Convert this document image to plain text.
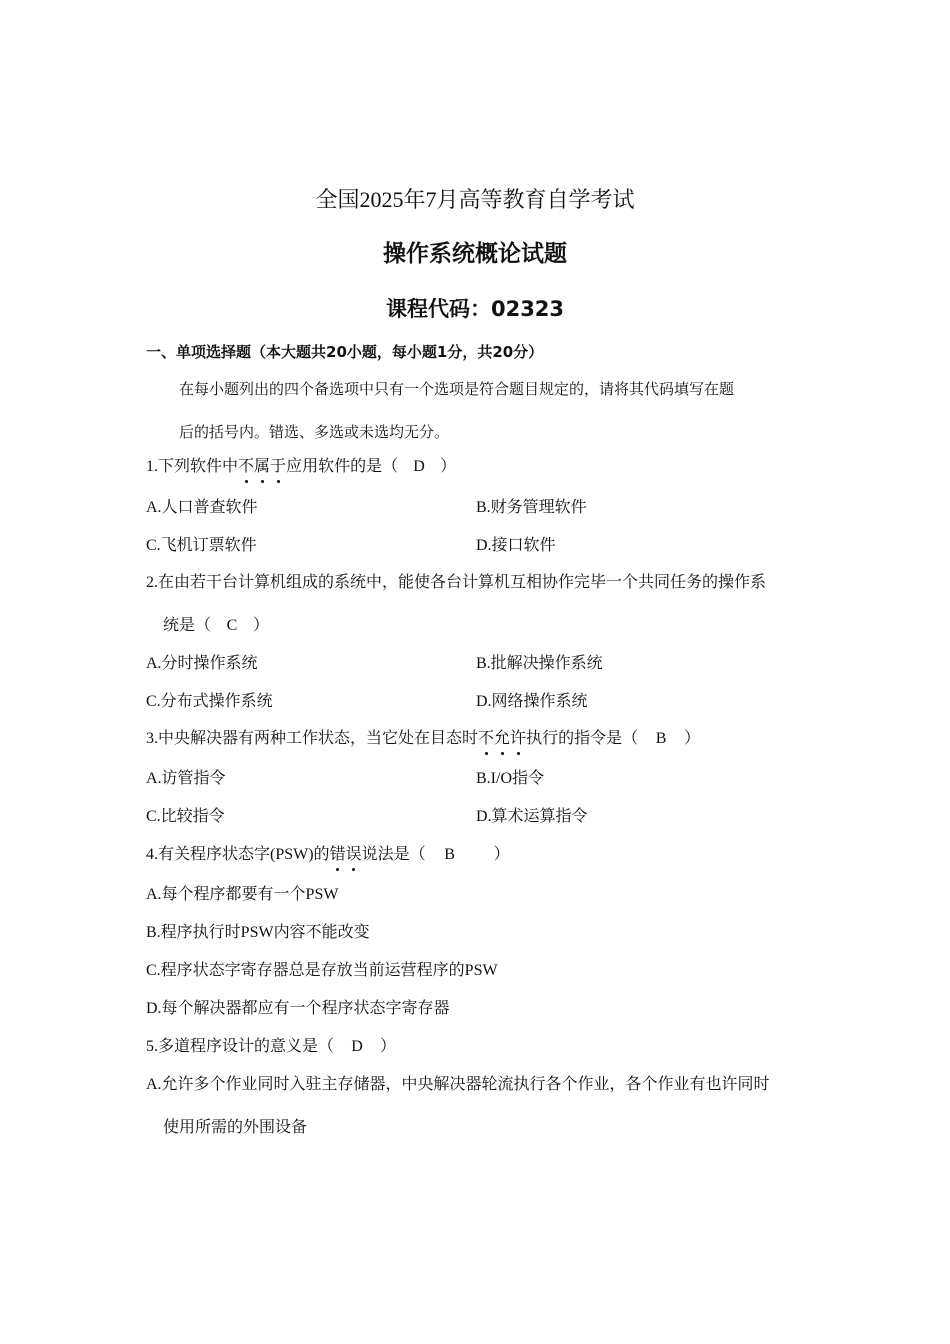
全国2025年7月高等教育自学考试
操作系统概论试题
课程代码：02323
一、单项选择题（本大题共20小题，每小题1分，共20分）
在每小题列出的四个备选项中只有一个选项是符合题目规定的，请将其代码填写在题
后的括号内。错选、多选或未选均无分。
1.下列软件中不
属
于
应用软件的是（ D ）
A.人口普查软件	B.财务管理软件
C.飞机订票软件	D.接口软件
2.在由若干台计算机组成的系统中，能使各台计算机互相协作完毕一个共同任务的操作系
统是（ C ）
A.分时操作系统	B.批解决操作系统
C.分布式操作系统	D.网络操作系统
3.中央解决器有两种工作状态，当它处在目态时不
允
许
执行的指令是（ B ）
A.访管指令	B.I/O指令
C.比较指令	D.算术运算指令
4.有关程序状态字(PSW)的错
误
说法是（ B ）
A.每个程序都要有一个PSW
B.程序执行时PSW内容不能改变
C.程序状态字寄存器总是存放当前运营程序的PSW
D.每个解决器都应有一个程序状态字寄存器
5.多道程序设计的意义是（ D ）
A.允许多个作业同时入驻主存储器，中央解决器轮流执行各个作业，各个作业有也许同时
使用所需的外围设备
